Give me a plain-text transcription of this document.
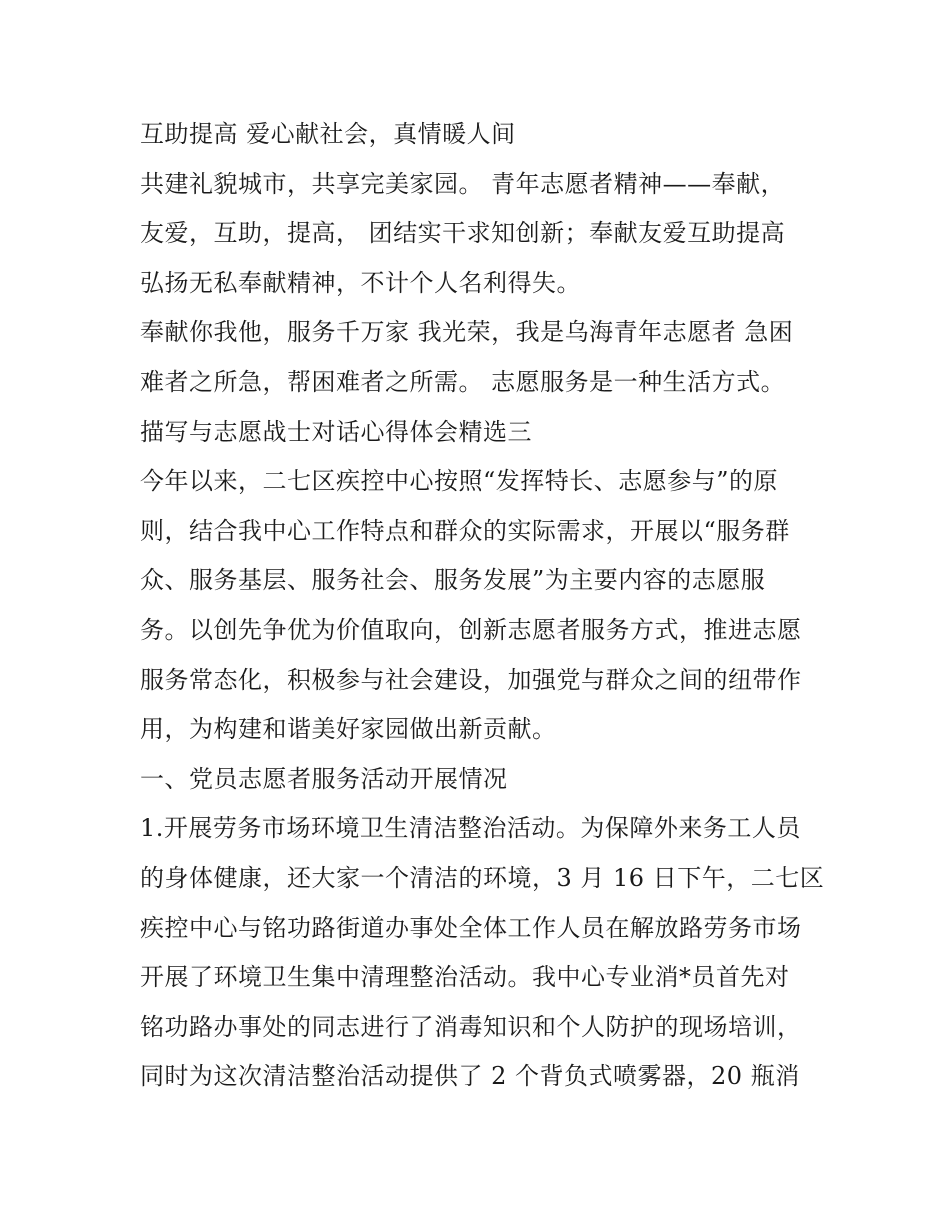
互助提高 爱心献社会，真情暖人间
共建礼貌城市，共享完美家园。 青年志愿者精神——奉献，
友爱，互助，提高， 团结实干求知创新；奉献友爱互助提高
弘扬无私奉献精神，不计个人名利得失。
奉献你我他，服务千万家 我光荣，我是乌海青年志愿者 急困
难者之所急，帮困难者之所需。 志愿服务是一种生活方式。
描写与志愿战士对话心得体会精选三
今年以来，二七区疾控中心按照“发挥特长、志愿参与”的原
则，结合我中心工作特点和群众的实际需求，开展以“服务群
众、服务基层、服务社会、服务发展”为主要内容的志愿服
务。以创先争优为价值取向，创新志愿者服务方式，推进志愿
服务常态化，积极参与社会建设，加强党与群众之间的纽带作
用，为构建和谐美好家园做出新贡献。
一、党员志愿者服务活动开展情况
1.开展劳务市场环境卫生清洁整治活动。为保障外来务工人员
的身体健康，还大家一个清洁的环境，3 月 16 日下午，二七区
疾控中心与铭功路街道办事处全体工作人员在解放路劳务市场
开展了环境卫生集中清理整治活动。我中心专业消*员首先对
铭功路办事处的同志进行了消毒知识和个人防护的现场培训，
同时为这次清洁整治活动提供了 2 个背负式喷雾器，20 瓶消
